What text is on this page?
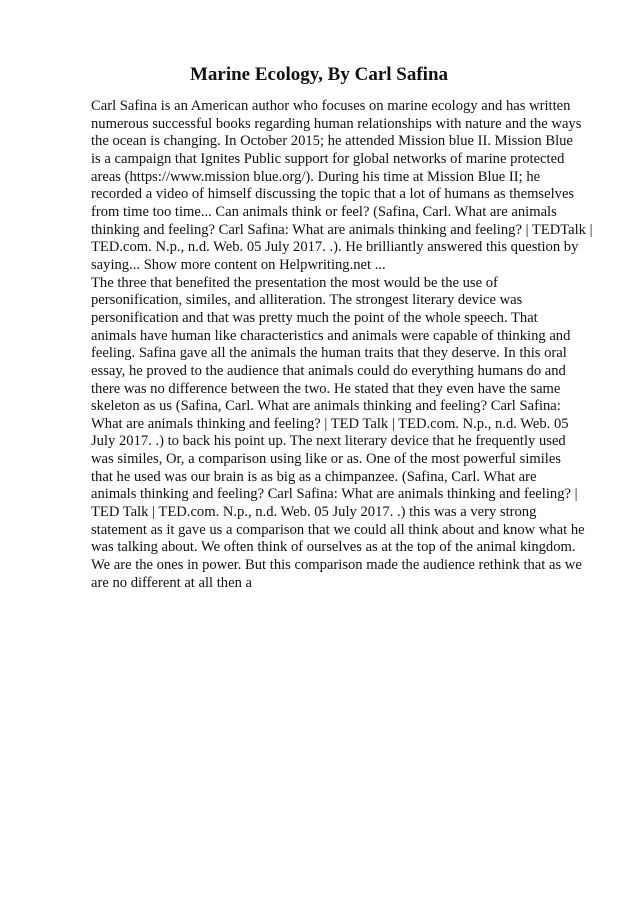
Marine Ecology, By Carl Safina

Carl Safina is an American author who focuses on marine ecology and has written
numerous successful books regarding human relationships with nature and the ways
the ocean is changing. In October 2015; he attended Mission blue II. Mission Blue
is a campaign that Ignites Public support for global networks of marine protected
areas (https://www.mission blue.org/). During his time at Mission Blue II; he
recorded a video of himself discussing the topic that a lot of humans as themselves
from time too time... Can animals think or feel? (Safina, Carl. What are animals
thinking and feeling? Carl Safina: What are animals thinking and feeling? | TEDTalk |
TED.com. N.p., n.d. Web. 05 July 2017. .). He brilliantly answered this question by
saying... Show more content on Helpwriting.net ...

The three that benefited the presentation the most would be the use of
personification, similes, and alliteration. The strongest literary device was
personification and that was pretty much the point of the whole speech. That
animals have human like characteristics and animals were capable of thinking and
feeling. Safina gave all the animals the human traits that they deserve. In this oral
essay, he proved to the audience that animals could do everything humans do and
there was no difference between the two. He stated that they even have the same
skeleton as us (Safina, Carl. What are animals thinking and feeling? Carl Safina:
What are animals thinking and feeling? | TED Talk | TED.com. N.p., n.d. Web. 05
July 2017. .) to back his point up. The next literary device that he frequently used
was similes, Or, a comparison using like or as. One of the most powerful similes
that he used was our brain is as big as a chimpanzee. (Safina, Carl. What are
animals thinking and feeling? Carl Safina: What are animals thinking and feeling? |
TED Talk | TED.com. N.p., n.d. Web. 05 July 2017. .) this was a very strong
statement as it gave us a comparison that we could all think about and know what he
was talking about. We often think of ourselves as at the top of the animal kingdom.
We are the ones in power. But this comparison made the audience rethink that as we
are no different at all then a
